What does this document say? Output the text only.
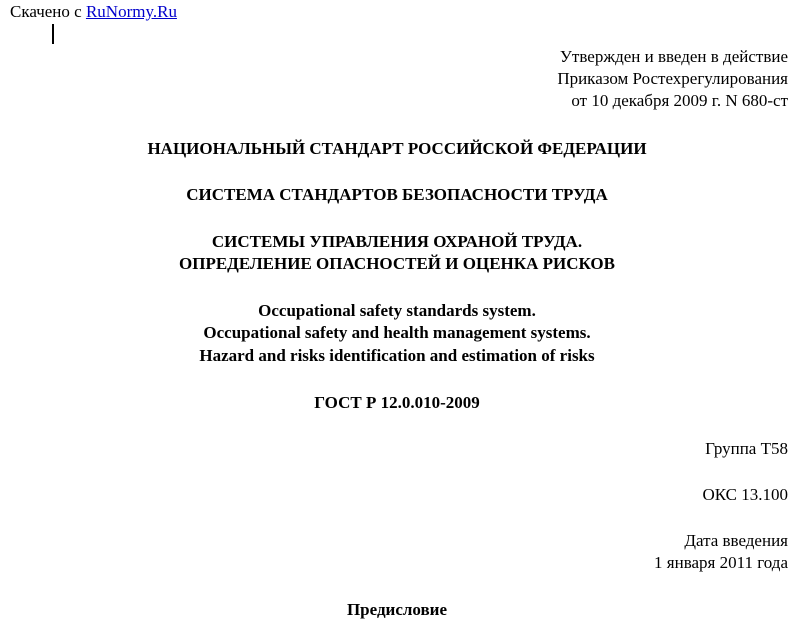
Скачено с RuNormy.Ru
Утвержден и введен в действие
Приказом Ростехрегулирования
от 10 декабря 2009 г. N 680-ст
НАЦИОНАЛЬНЫЙ СТАНДАРТ РОССИЙСКОЙ ФЕДЕРАЦИИ
СИСТЕМА СТАНДАРТОВ БЕЗОПАСНОСТИ ТРУДА
СИСТЕМЫ УПРАВЛЕНИЯ ОХРАНОЙ ТРУДА.
ОПРЕДЕЛЕНИЕ ОПАСНОСТЕЙ И ОЦЕНКА РИСКОВ
Occupational safety standards system.
Occupational safety and health management systems.
Hazard and risks identification and estimation of risks
ГОСТ Р 12.0.010-2009
Группа Т58
ОКС 13.100
Дата введения
1 января 2011 года
Предисловие
